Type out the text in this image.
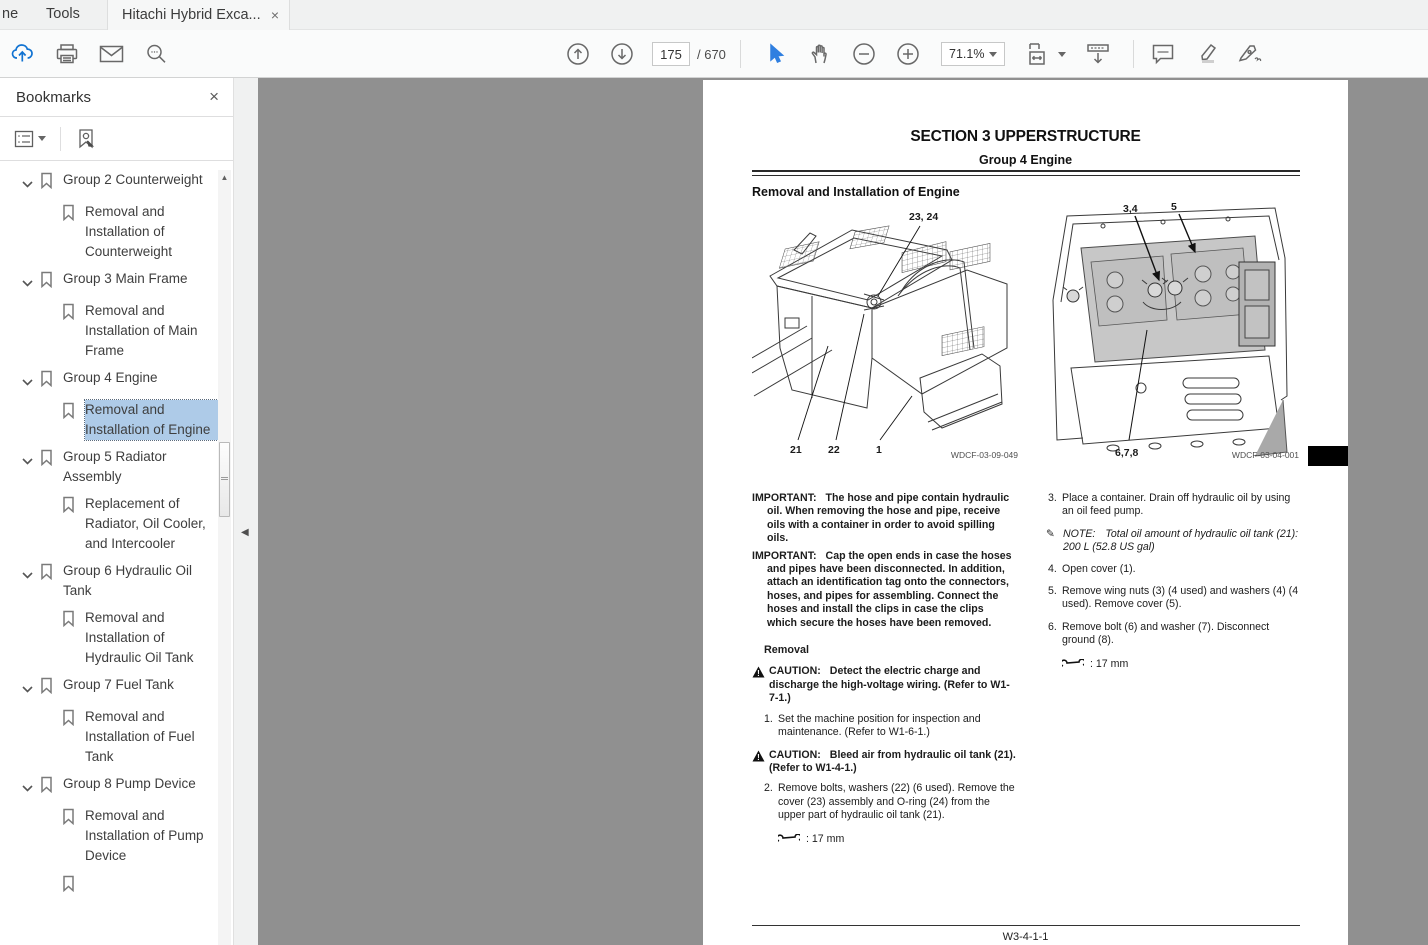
ne	Tools	Hitachi Hybrid Exca... ×
175 / 670	71.1%
Bookmarks	×
Group 2 Counterweight
Removal and Installation of Counterweight
Group 3 Main Frame
Removal and Installation of Main Frame
Group 4 Engine
Removal and Installation of Engine
Group 5 Radiator Assembly
Replacement of Radiator, Oil Cooler, and Intercooler
Group 6 Hydraulic Oil Tank
Removal and Installation of Hydraulic Oil Tank
Group 7 Fuel Tank
Removal and Installation of Fuel Tank
Group 8 Pump Device
Removal and Installation of Pump Device
▲
◀
SECTION 3 UPPERSTRUCTURE
Group 4 Engine
Removal and Installation of Engine
23, 24
21	22	1	WDCF-03-09-049
3,4	5
6,7,8	WDCF-03-04-001

IMPORTANT: The hose and pipe contain hydraulic oil. When removing the hose and pipe, receive oils with a container in order to avoid spilling oils.

IMPORTANT: Cap the open ends in case the hoses and pipes have been disconnected. In addition, attach an identification tag onto the connectors, hoses, and pipes for assembling. Connect the hoses and install the clips in case the clips which secure the hoses have been removed.

Removal

! CAUTION: Detect the electric charge and discharge the high-voltage wiring. (Refer to W1-7-1.)

1. Set the machine position for inspection and maintenance. (Refer to W1-6-1.)

! CAUTION: Bleed air from hydraulic oil tank (21). (Refer to W1-4-1.)

2. Remove bolts, washers (22) (6 used). Remove the cover (23) assembly and O-ring (24) from the upper part of hydraulic oil tank (21).
: 17 mm
3. Place a container. Drain off hydraulic oil by using an oil feed pump.

✎ NOTE: Total oil amount of hydraulic oil tank (21): 200 L (52.8 US gal)

4. Open cover (1).
5. Remove wing nuts (3) (4 used) and washers (4) (4 used). Remove cover (5).
6. Remove bolt (6) and washer (7). Disconnect ground (8).
: 17 mm
W3-4-1-1
